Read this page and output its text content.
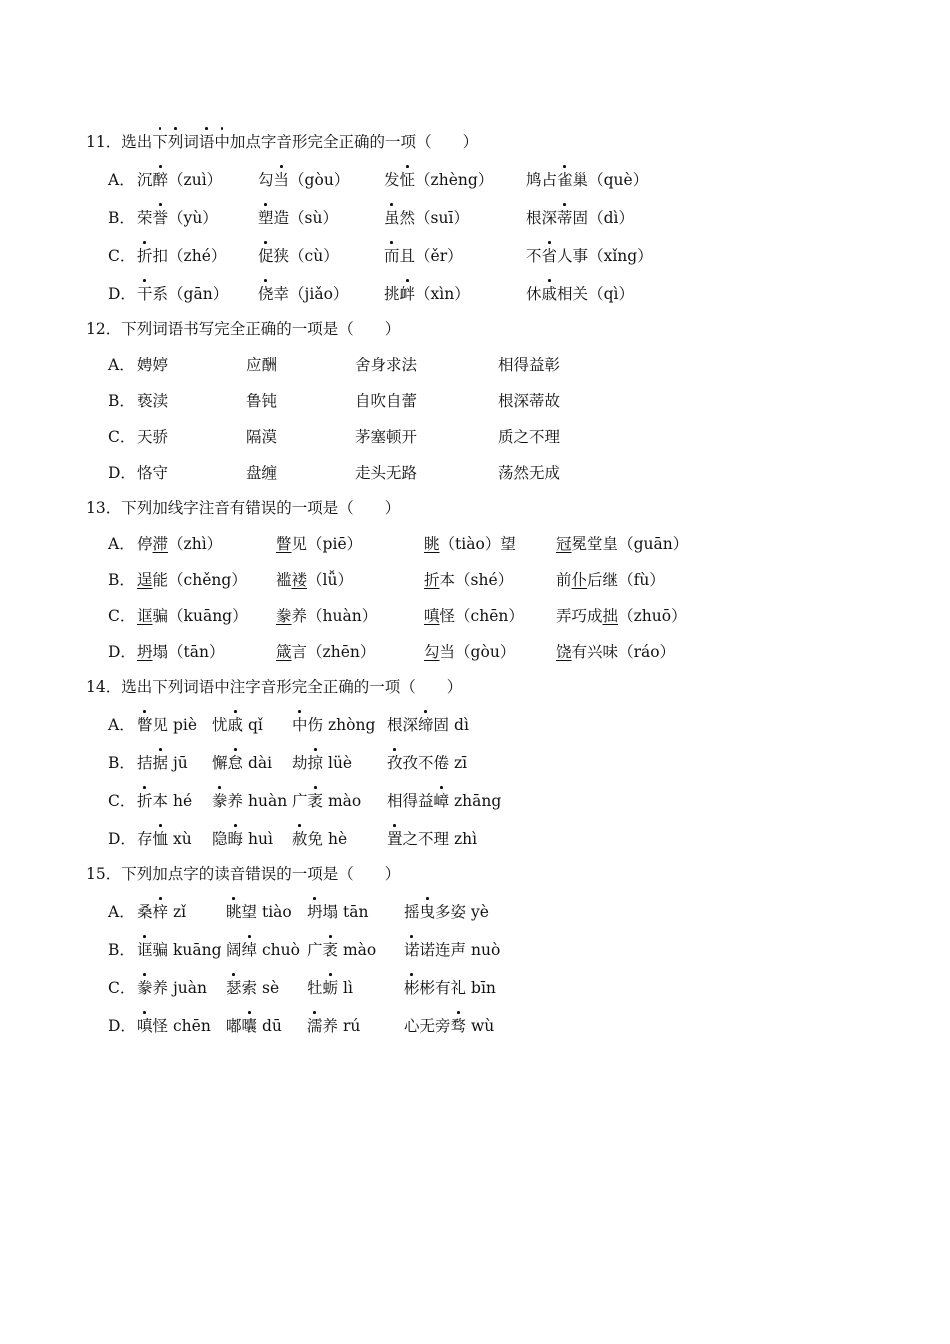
11．选出下列词语中加点字音形完全正确的一项（　　 ）
A． 沉醉（zuì） 勾当（gòu） 发怔（zhèng） 鸠占雀巢（què）
B． 荣誉（yù）	塑造（sù）	虽然（suī）	根深蒂固（dì）
C． 折扣（zhé） 促狭（cù）	而且（ěr）	不省人事（xǐng）
D． 干系（gān） 侥幸（jiǎo） 挑衅（xìn）	休戚相关（qì）
12．下列词语书写完全正确的一项是（　　）
A． 娉婷	应酬	舍身求法	相得益彰
B． 亵渎	鲁钝	自吹自蕾	根深蒂故
C． 天骄	隔漠	茅塞顿开	质之不理
D． 恪守	盘缠	走头无路	荡然无成
13．下列加线字注音有错误的一项是（　　）
A． 停滞（zhì）	瞥见（piē）	眺（tiào）望	冠冕堂皇（guān）
B． 逞能（chěng） 褴褛（lǚ）	折本（shé）	前仆后继（fù）
C． 诓骗（kuāng） 豢养（huàn）	嗔怪（chēn） 弄巧成拙（zhuō）
D． 坍塌（tān）	箴言（zhēn）	勾当（gòu）	饶有兴味（ráo）
14．选出下列词语中注字音形完全正确的一项（　　）
A． 瞥见 piè 忧戚 qǐ 中伤 zhòng 根深缔固 dì
B． 拮据 jū 懈怠 dài 劫掠 lüè 孜孜不倦 zī
C． 折本 hé 豢养 huàn 广袤 mào 相得益嶂 zhāng
D． 存恤 xù 隐晦 huì 赦免 hè	置之不理 zhì
15．下列加点字的读音错误的一项是（　　）
A． 桑梓 zǐ	眺望 tiào 坍塌 tān 摇曳多姿 yè
B． 诓骗 kuāng 阔绰 chuò 广袤 mào 诺诺连声 nuò
C． 豢养 juàn 瑟索 sè 牡蛎 lì	彬彬有礼 bīn
D． 嗔怪 chēn 嘟囔 dū 濡养 rú	心无旁骛 wù
